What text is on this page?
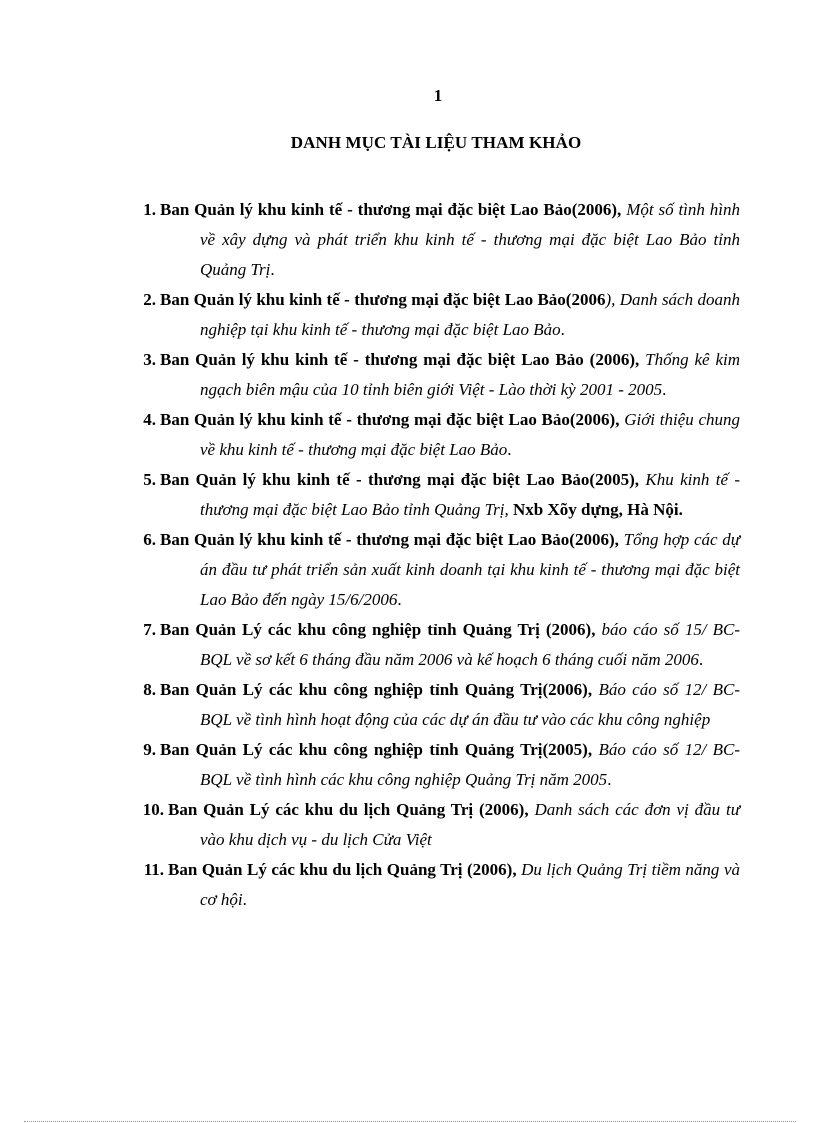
1
DANH MỤC TÀI LIỆU THAM KHẢO
1. Ban Quản lý khu kinh tế - thương mại đặc biệt Lao Bảo(2006), Một số tình hình về xây dựng và phát triển khu kinh tế - thương mại đặc biệt Lao Bảo tỉnh Quảng Trị.
2. Ban Quản lý khu kinh tế - thương mại đặc biệt Lao Bảo(2006), Danh sách doanh nghiệp tại khu kinh tế - thương mại đặc biệt Lao Bảo.
3. Ban Quản lý khu kinh tế - thương mại đặc biệt Lao Bảo (2006), Thống kê kim ngạch biên mậu của 10 tỉnh biên giới Việt - Lào thời kỳ 2001 - 2005.
4. Ban Quản lý khu kinh tế - thương mại đặc biệt Lao Bảo(2006), Giới thiệu chung về khu kinh tế - thương mại đặc biệt Lao Bảo.
5. Ban Quản lý khu kinh tế - thương mại đặc biệt Lao Bảo(2005), Khu kinh tế - thương mại đặc biệt Lao Bảo tỉnh Quảng Trị, Nxb Xõy dựng, Hà Nội.
6. Ban Quản lý khu kinh tế - thương mại đặc biệt Lao Bảo(2006), Tổng hợp các dự án đầu tư phát triển sản xuất kinh doanh tại khu kinh tế - thương mại đặc biệt Lao Bảo đến ngày 15/6/2006.
7. Ban Quản Lý các khu công nghiệp tỉnh Quảng Trị (2006), báo cáo số 15/ BC-BQL về sơ kết 6 tháng đầu năm 2006 và kế hoạch 6 tháng cuối năm 2006.
8. Ban Quản Lý các khu công nghiệp tỉnh Quảng Trị(2006), Báo cáo số 12/ BC-BQL về tình hình hoạt động của các dự án đầu tư vào các khu công nghiệp
9. Ban Quản Lý các khu công nghiệp tỉnh Quảng Trị(2005), Báo cáo số 12/ BC-BQL về tình hình các khu công nghiệp Quảng Trị năm 2005.
10. Ban Quản Lý các khu du lịch Quảng Trị (2006), Danh sách các đơn vị đầu tư vào khu dịch vụ - du lịch Cửa Việt
11. Ban Quản Lý các khu du lịch Quảng Trị (2006), Du lịch Quảng Trị tiềm năng và cơ hội.
